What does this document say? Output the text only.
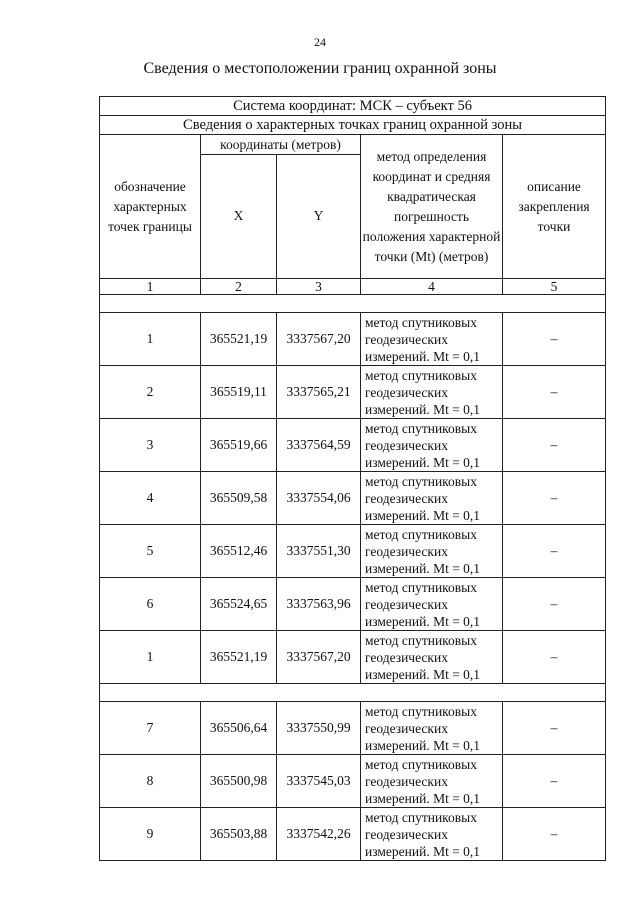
24
Сведения о местоположении границ охранной зоны
Система координат: МСК – субъект 56				
Сведения о характерных точках границ охранной зоны				
обозначение характерных точек границы	координаты (метров)		метод определения координат и средняя квадратическая погрешность положения характерной точки (Mt) (метров)	описание закрепления точки
	X	Y		
1	2	3	4	5

1	365521,19	3337567,20	метод спутниковых геодезических измерений. Mt = 0,1	–
2	365519,11	3337565,21	метод спутниковых геодезических измерений. Mt = 0,1	–
3	365519,66	3337564,59	метод спутниковых геодезических измерений. Mt = 0,1	–
4	365509,58	3337554,06	метод спутниковых геодезических измерений. Mt = 0,1	–
5	365512,46	3337551,30	метод спутниковых геодезических измерений. Mt = 0,1	–
6	365524,65	3337563,96	метод спутниковых геодезических измерений. Mt = 0,1	–
1	365521,19	3337567,20	метод спутниковых геодезических измерений. Mt = 0,1	–

7	365506,64	3337550,99	метод спутниковых геодезических измерений. Mt = 0,1	–
8	365500,98	3337545,03	метод спутниковых геодезических измерений. Mt = 0,1	–
9	365503,88	3337542,26	метод спутниковых геодезических измерений. Mt = 0,1	–
